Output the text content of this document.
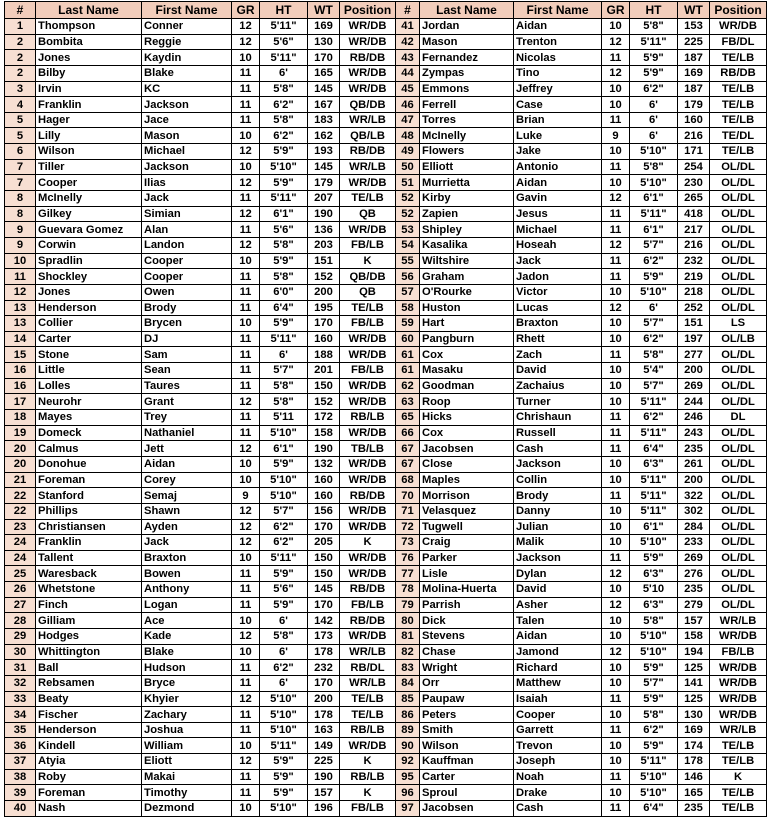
#	Last Name	First Name	GR	HT	WT	Position	#	Last Name	First Name	GR	HT	WT	Position
1	Thompson	Conner	12	5'11"	169	WR/DB	41	Jordan	Aidan	10	5'8"	153	WR/DB
2	Bombita	Reggie	12	5'6"	130	WR/DB	42	Mason	Trenton	12	5'11"	225	FB/DL
2	Jones	Kaydin	10	5'11"	170	RB/DB	43	Fernandez	Nicolas	11	5'9"	187	TE/LB
2	Bilby	Blake	11	6'	165	WR/DB	44	Zympas	Tino	12	5'9"	169	RB/DB
3	Irvin	KC	11	5'8"	145	WR/DB	45	Emmons	Jeffrey	10	6'2"	187	TE/LB
4	Franklin	Jackson	11	6'2"	167	QB/DB	46	Ferrell	Case	10	6'	179	TE/LB
5	Hager	Jace	11	5'8"	183	WR/LB	47	Torres	Brian	11	6'	160	TE/LB
5	Lilly	Mason	10	6'2"	162	QB/LB	48	McInelly	Luke	9	6'	216	TE/DL
6	Wilson	Michael	12	5'9"	193	RB/DB	49	Flowers	Jake	10	5'10"	171	TE/LB
7	Tiller	Jackson	10	5'10"	145	WR/LB	50	Elliott	Antonio	11	5'8"	254	OL/DL
7	Cooper	Ilias	12	5'9"	179	WR/DB	51	Murrietta	Aidan	10	5'10"	230	OL/DL
8	McInelly	Jack	11	5'11"	207	TE/LB	52	Kirby	Gavin	12	6'1"	265	OL/DL
8	Gilkey	Simian	12	6'1"	190	QB	52	Zapien	Jesus	11	5'11"	418	OL/DL
9	Guevara Gomez	Alan	11	5'6"	136	WR/DB	53	Shipley	Michael	11	6'1"	217	OL/DL
9	Corwin	Landon	12	5'8"	203	FB/LB	54	Kasalika	Hoseah	12	5'7"	216	OL/DL
10	Spradlin	Cooper	10	5'9"	151	K	55	Wiltshire	Jack	11	6'2"	232	OL/DL
11	Shockley	Cooper	11	5'8"	152	QB/DB	56	Graham	Jadon	11	5'9"	219	OL/DL
12	Jones	Owen	11	6'0"	200	QB	57	O'Rourke	Victor	10	5'10"	218	OL/DL
13	Henderson	Brody	11	6'4"	195	TE/LB	58	Huston	Lucas	12	6'	252	OL/DL
13	Collier	Brycen	10	5'9"	170	FB/LB	59	Hart	Braxton	10	5'7"	151	LS
14	Carter	DJ	11	5'11"	160	WR/DB	60	Pangburn	Rhett	10	6'2"	197	OL/LB
15	Stone	Sam	11	6'	188	WR/DB	61	Cox	Zach	11	5'8"	277	OL/DL
16	Little	Sean	11	5'7"	201	FB/LB	61	Masaku	David	10	5'4"	200	OL/DL
16	Lolles	Taures	11	5'8"	150	WR/DB	62	Goodman	Zachaius	10	5'7"	269	OL/DL
17	Neurohr	Grant	12	5'8"	152	WR/DB	63	Roop	Turner	10	5'11"	244	OL/DL
18	Mayes	Trey	11	5'11	172	RB/LB	65	Hicks	Chrishaun	11	6'2"	246	DL
19	Domeck	Nathaniel	11	5'10"	158	WR/DB	66	Cox	Russell	11	5'11"	243	OL/DL
20	Calmus	Jett	12	6'1"	190	TB/LB	67	Jacobsen	Cash	11	6'4"	235	OL/DL
20	Donohue	Aidan	10	5'9"	132	WR/DB	67	Close	Jackson	10	6'3"	261	OL/DL
21	Foreman	Corey	10	5'10"	160	WR/DB	68	Maples	Collin	10	5'11"	200	OL/DL
22	Stanford	Semaj	9	5'10"	160	RB/DB	70	Morrison	Brody	11	5'11"	322	OL/DL
22	Phillips	Shawn	12	5'7"	156	WR/DB	71	Velasquez	Danny	10	5'11"	302	OL/DL
23	Christiansen	Ayden	12	6'2"	170	WR/DB	72	Tugwell	Julian	10	6'1"	284	OL/DL
24	Franklin	Jack	12	6'2"	205	K	73	Craig	Malik	10	5'10"	233	OL/DL
24	Tallent	Braxton	10	5'11"	150	WR/DB	76	Parker	Jackson	11	5'9"	269	OL/DL
25	Waresback	Bowen	11	5'9"	150	WR/DB	77	Lisle	Dylan	12	6'3"	276	OL/DL
26	Whetstone	Anthony	11	5'6"	145	RB/DB	78	Molina-Huerta	David	10	5'10	235	OL/DL
27	Finch	Logan	11	5'9"	170	FB/LB	79	Parrish	Asher	12	6'3"	279	OL/DL
28	Gilliam	Ace	10	6'	142	RB/DB	80	Dick	Talen	10	5'8"	157	WR/LB
29	Hodges	Kade	12	5'8"	173	WR/DB	81	Stevens	Aidan	10	5'10"	158	WR/DB
30	Whittington	Blake	10	6'	178	WR/LB	82	Chase	Jamond	12	5'10"	194	FB/LB
31	Ball	Hudson	11	6'2"	232	RB/DL	83	Wright	Richard	10	5'9"	125	WR/DB
32	Rebsamen	Bryce	11	6'	170	WR/LB	84	Orr	Matthew	10	5'7"	141	WR/DB
33	Beaty	Khyier	12	5'10"	200	TE/LB	85	Paupaw	Isaiah	11	5'9"	125	WR/DB
34	Fischer	Zachary	11	5'10"	178	TE/LB	86	Peters	Cooper	10	5'8"	130	WR/DB
35	Henderson	Joshua	11	5'10"	163	RB/LB	89	Smith	Garrett	11	6'2"	169	WR/LB
36	Kindell	William	10	5'11"	149	WR/DB	90	Wilson	Trevon	10	5'9"	174	TE/LB
37	Atyia	Eliott	12	5'9"	225	K	92	Kauffman	Joseph	10	5'11"	178	TE/LB
38	Roby	Makai	11	5'9"	190	RB/LB	95	Carter	Noah	11	5'10"	146	K
39	Foreman	Timothy	11	5'9"	157	K	96	Sproul	Drake	10	5'10"	165	TE/LB
40	Nash	Dezmond	10	5'10"	196	FB/LB	97	Jacobsen	Cash	11	6'4"	235	TE/LB
